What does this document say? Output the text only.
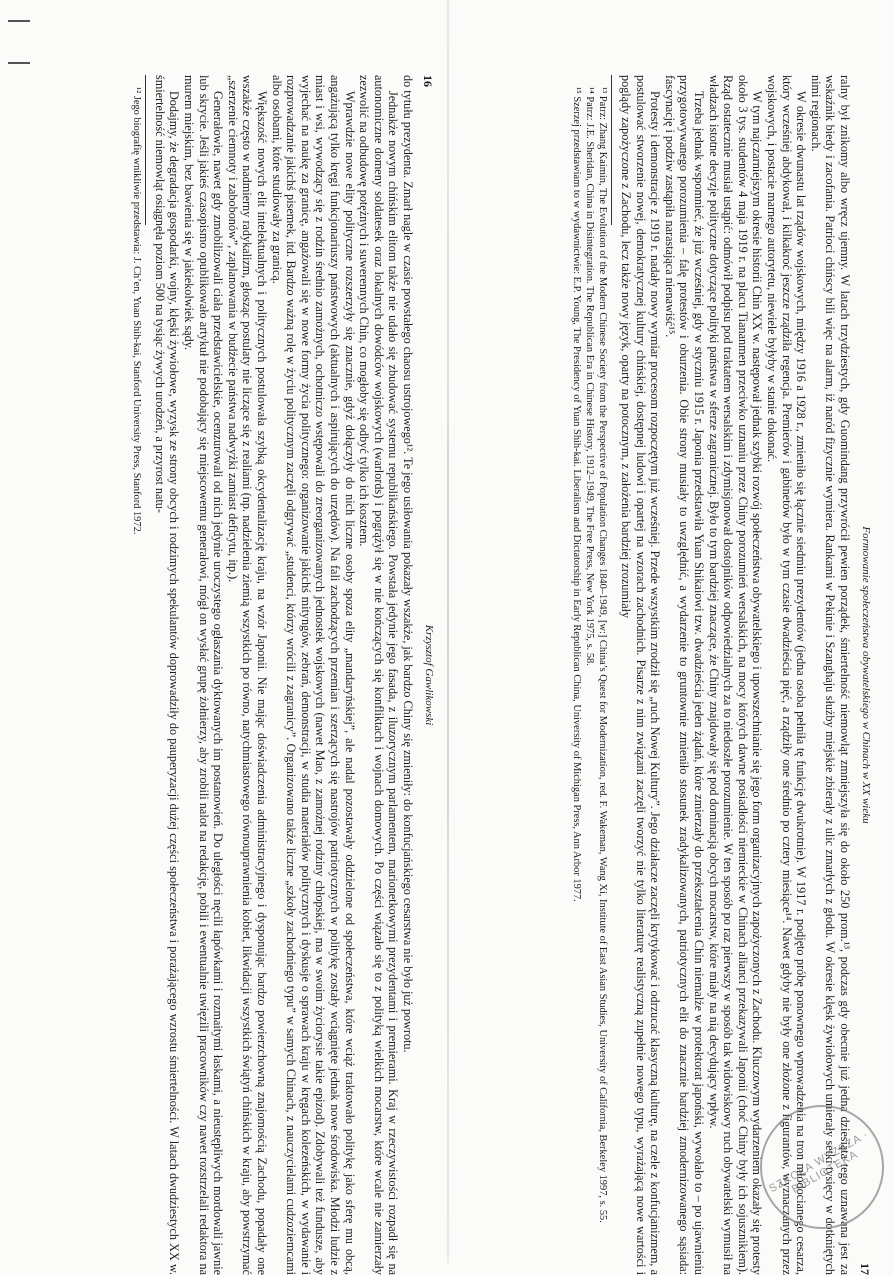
16
Krzysztof Gawlikowski

do tytułu prezydenta. Zmarł nagle w czasie powstałego chaosu ustrojowego¹². Te jego usiłowania pokazały wszakże, jak bardzo Chiny się zmieniły: do konfucjańskiego cesarstwa nie było już powrotu.

Jednakże nowym chińskim elitom także nie udało się zbudować systemu republikańskiego. Powstała jedynie jego fasada, z iluzorycznym parlamentem, marionetkowymi prezydentami i premierami. Kraj w rzeczywistości rozpadł się na autonomiczne domeny soldatesek oraz lokalnych dowódców wojskowych (warlords) i pogrążył się w nie kończących się konfliktach i wojnach domowych. Po części wiązało się to z polityką wielkich mocarstw, które wcale nie zamierzały zezwolić na odbudowę potężnych i suwerennych Chin, co mogłoby się odbyć tylko ich kosztem.

Wprawdzie nowe elity polityczne rozszerzyły się znacznie, gdyż dołączyły do nich liczne osoby spoza elity „mandaryńskiej”, ale nadal pozostawały oddzielone od społeczeństwa, które wciąż traktowało politykę jako sferę mu obcą, angażującą tylko kręgi funkcjonariuszy państwowych (aktualnych i aspirujących do urzędów). Na fali zachodzących przemian i szerzących się nastrojów patriotycznych w politykę zostały wciągnięte jednak nowe środowiska. Młodzi ludzie z miast i wsi, wywodzący się z rodzin średnio zamożnych, ochotniczo wstępowali do zreorganizowanych jednostek wojskowych (nawet Mao, z zamożnej rodziny chłopskiej, ma w swoim życiorysie takie epizod). Zdobywali też fundusze, aby wyjechać na naukę za granicę, angażowali się w nowe formy życia politycznego: organizowanie jakichś mityngów, zebrań, demonstracji, w studia materiałów politycznych i dyskusje o sprawach kraju w kręgach kolezeńskich, w wydawanie i rozprowadzanie jakichś pisemek, itd. Bardzo ważną rolę w życiu politycznym zaczęli odgrywać „studenci, którzy wrócili z zagranicy”. Organizowano także liczne „szkoły zachodniego typu” w samych Chinach, z nauczycielami cudzoziemcami albo osobami, które studiowały za granicą.

Większość nowych elit intelektualnych i politycznych postulowała szybką okcydentalizację kraju, na wzór Japonii. Nie mając doświadczenia administracyjnego i dysponując bardzo powierzchowną znajomością Zachodu, popadały one wszakże często w nadmierny radykalizm, głosząc postulaty nie liczące się z realiami (np. nadzielenia ziemią wszystkich po równo, natychmiastowego równouprawnienia kobiet, likwidacji wszystkich świątyń chińskich w kraju, aby powstrzymać „szerzenie ciemnoty i zabobonów”, zaplanowania w budżecie państwa nadwyżki zamiast deficytu, itp.).

Generałowie, nawet gdy zmobilizowali ciała przedstawicielskie, ocenzurowali od nich jedynie uroczystego ogłaszania dyktowanych im postanowień. Do uległości nęcili łapówkami i rozmaitymi łaskami, a nieustępliwych mordowali jawnie lub skrycie. Jeśli jakieś czasopismo opublikowało artykuł nie podobający się miejscowemu generałowi, mógł on wysłać grupę żołnierzy, aby zrobili nalot na redakcję, pobili i ewentualnie uwięzili pracowników czy nawet rozstrzelali redaktora na murem miejskim, bez bawienia się w jakiekolwiek sądy.

Dodajmy, że degradacja gospodarki, wojny, klęski żywiołowe, wyzysk ze strony obcych i rodzimych spekulantów doprowadziły do pauperyzacji dużej części społeczeństwa i porażającego wzrostu śmiertelności. W latach dwudziestych XX w. śmiertelność niemowląt osiągnęła poziom 500 na tysiąc żywych urodzeń, a przyrost natu-

¹² Jego biografię wnikliwie przedstawia: J. Ch’en, Yuan Shih-kai, Stanford University Press, Stanford 1972.

Formowanie społeczeństwa obywatelskiego w Chinach w XX wieku
17

ralny był znikomy albo wręcz ujemny. W latach trzydziestych, gdy Guomindang przywrócił pewien porządek, śmiertelność niemowląt zmniejszyła się do około 250 prom.¹³, podczas gdy obecnie już jedna dziesiąta tego uznawana jest za wskaźnik biedy i zacofania. Patrioci chińscy bili więc na alarm, iż naród fizycznie wymiera. Rankami w Pekinie i Szanghaju służby miejskie zbierały z ulic zmarłych z głodu. W okresie klęsk żywiołowych umierały setki tysięcy w dotkniętych nimi regionach.

W okresie dwunastu lat rządów wojskowych, między 1916 a 1928 r., zmieniło się łącznie siedmiu prezydentów (jedna osoba pełniła tę funkcję dwukrotnie). W 1917 r. podjęto próbę ponownego wprowadzenia na tron młodocianego cesarza, który wcześniej abdykował, i kilkakroć jeszcze rządziła regencja. Premierów i gabinetów było w tym czasie dwadzieścia pięć, a rządziły one średnio po cztery miesiące¹⁴. Nawet gdyby nie były one złożone z figurantów, wyznaczanych przez wojskowych, i postacie marnego autorytetu, niewiele byłyby w stanie dokonać.

W tym najczarniejszym okresie historii Chin XX w. następował jednak szybki rozwój społeczeństwa obywatelskiego i upowszechnianie się jego form organizacyjnych zapożyczonych z Zachodu. Kluczowym wydarzeniem okazały się protesty około 3 tys. studentów 4 maja 1919 r. na placu Tiananmen przeciwko uznaniu przez Chiny porozumień wersalskich, na mocy których dawne posiadłości niemieckie w Chinach alianci przekazywali Japonii (choć Chiny były ich sojusznikiem). Rząd ostatecznie musiał ustąpić: odmówił podpisu pod traktatem wersalskim i zdymisjonował dostojników odpowiedzialnych za to niedoszłe porozumienie. W ten sposób po raz pierwszy w sposób tak widowiskowy ruch obywatelski wymusił na władzach istotne decyzje polityczne dotyczące polityki państwa w sferze zagranicznej. Było to tym bardziej znaczące, że Chiny znajdowały się pod dominacją obcych mocarstw, które miały na nią decydujący wpływ.

Trzeba jednak wspomnieć, że już wcześniej, gdy w styczniu 1915 r. Japonia przedstawiła Yuan Shikaiowi tzw. dwadzieścia jeden żądań, które zmierzały do przekształcenia Chin niemalże w protektorat japoński, wywołało to – po ujawnieniu przygotowywanego porozumienia – falę protestów i oburzenia. Obie strony musiały to uwzględnić, a wydarzenie to gruntownie zmieniło stosunek zradykalizowanych, patriotycznych elit do znacznie bardziej zmodernizowanego sąsiada: fascynację i podziw zastąpiła narastająca nienawiść¹⁵.

Protesty i demonstracje z 1919 r. nadały nowy wymiar procesom rozpoczętym już wcześniej. Przede wszystkim zrodził się „ruch Nowej Kultury”. Jego działacze zaczęli krytykować i odrzucać klasyczną kulturę, na czele z konfucjanizmem, a postulować stworzenie nowej, demokratycznej kultury chińskiej, dostępnej ludowi i opartej na wzorach zachodnich. Pisarze z nim związani zaczęli tworzyć nie tylko literaturę realistyczną zupełnie nowego typu, wyrażającą nowe wartości i poglądy zapożyczone z Zachodu, lecz także nowy język, oparty na potocznym, z założenia bardziej zrozumiały

¹³ Patrz: Zhang Kaimin, The Evolution of the Modern Chinese Society from the Perspective of Population Changes 1840–1949, [w:] China’s Quest for Modernization, red. F. Wakeman, Wang Xi, Institute of East Asian Studies, University of California, Berkeley 1997, s. 55.

¹⁴ Patrz: J.E. Sheridan, China in Disintegration. The Republican Era in Chinese History, 1912–1949, The Free Press, New York 1975, s. 58.

¹⁵ Szerzej przedstawiam to w wydawnictwie: E.P. Young, The Presidency of Yuan Shih-kai. Liberalism and Dictatorship in Early Republican China, University of Michigan Press, Ann Arbor 1977.

SZKOŁA WYŻSZA · BIBLIOTEKA
